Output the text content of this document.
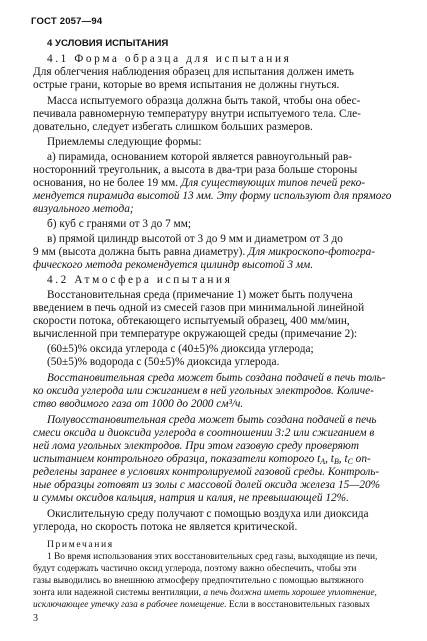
ГОСТ 2057—94
4 УСЛОВИЯ ИСПЫТАНИЯ
4.1 Форма образца для испытания
Для облегчения наблюдения образец для испытания должен иметь
острые грани, которые во время испытания не должны гнуться.
Масса испытуемого образца должна быть такой, чтобы она обес-
печивала равномерную температуру внутри испытуемого тела. Сле-
довательно, следует избегать слишком больших размеров.
Приемлемы следующие формы:
а) пирамида, основанием которой является равноугольный рав-
носторонний треугольник, а высота в два-три раза больше стороны
основания, но не более 19 мм. Для существующих типов печей реко-
мендуется пирамида высотой 13 мм. Эту форму используют для прямого
визуального метода;
б) куб с гранями от 3 до 7 мм;
в) прямой цилиндр высотой от 3 до 9 мм и диаметром от 3 до
9 мм (высота должна быть равна диаметру). Для микроскопо-фотогра-
фического метода рекомендуется цилиндр высотой 3 мм.
4.2 Атмосфера испытания
Восстановительная среда (примечание 1) может быть получена
введением в печь одной из смесей газов при минимальной линейной
скорости потока, обтекающего испытуемый образец, 400 мм/мин,
вычисленной при температуре окружающей среды (примечание 2):
(60±5)% оксида углерода с (40±5)% диоксида углерода;
(50±5)% водорода с (50±5)% диоксида углерода.
Восстановительная среда может быть создана подачей в печь толь-
ко оксида углерода или сжиганием в ней угольных электродов. Количе-
ство вводимого газа от 1000 до 2000 см³/ч.
Полувосстановительная среда может быть создана подачей в печь
смеси оксида и диоксида углерода в соотношении 3:2 или сжиганием в
ней лома угольных электродов. При этом газовую среду проверяют
испытанием контрольного образца, показатели которого $t_A$, $t_B$, $t_C$ оп-
ределены заранее в условиях контролируемой газовой среды. Контроль-
ные образцы готовят из золы с массовой долей оксида железа 15—20%
и суммы оксидов кальция, натрия и калия, не превышающей 12%.
Окислительную среду получают с помощью воздуха или диоксида
углерода, но скорость потока не является критической.
Примечания
1 Во время использования этих восстановительных сред газы, выходящие из печи,
будут содержать частично оксид углерода, поэтому важно обеспечить, чтобы эти
газы выводились во внешнюю атмосферу предпочтительно с помощью вытяжного
зонта или надежной системы вентиляции, а печь должна иметь хорошее уплотнение,
исключающее утечку газа в рабочее помещение. Если в восстановительных газовых
3
